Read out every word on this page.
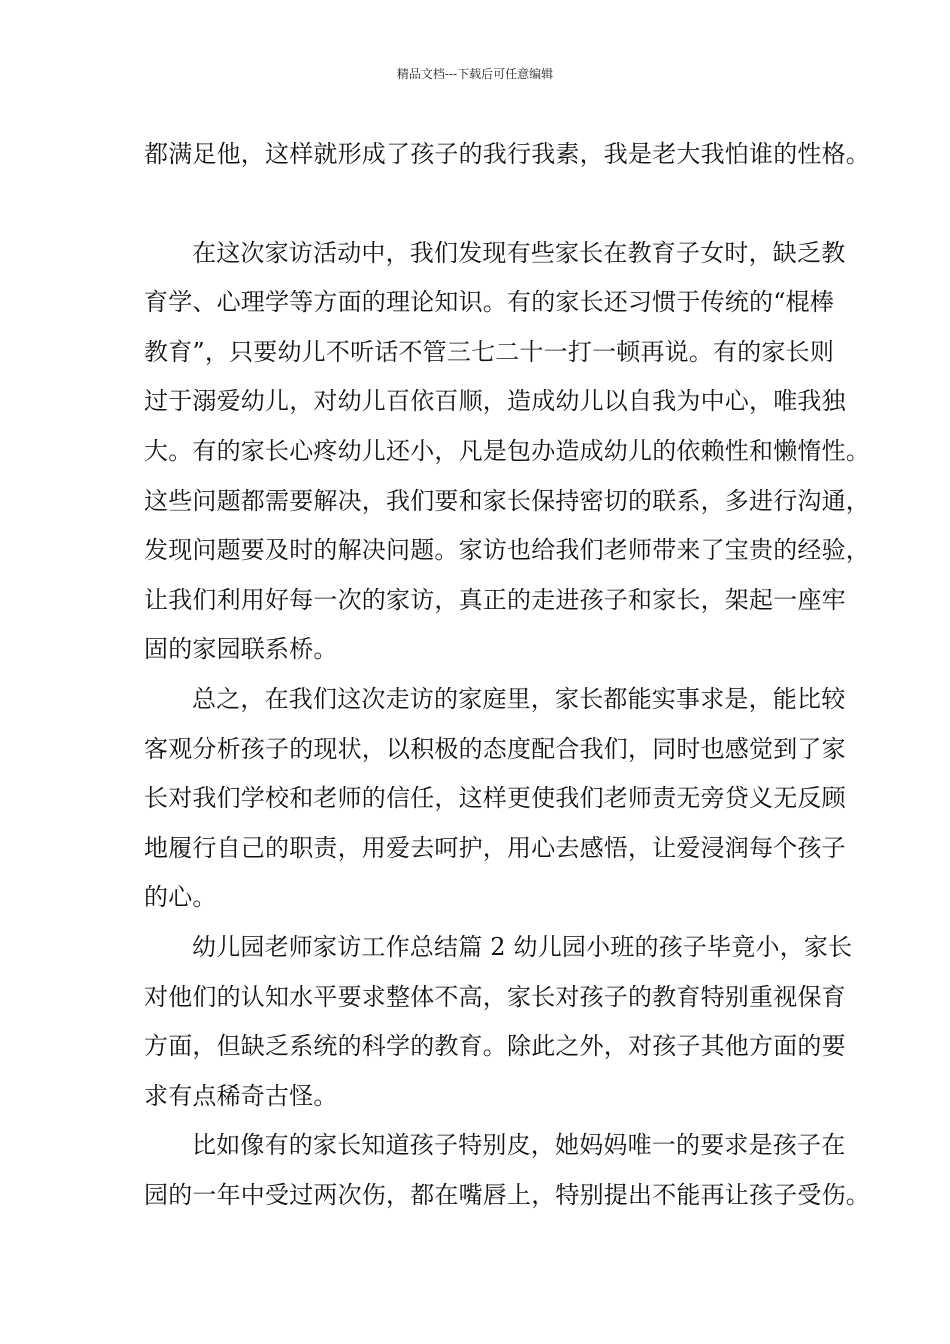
精品文档---下载后可任意编辑
都满足他，这样就形成了孩子的我行我素，我是老大我怕谁的性格。
在这次家访活动中，我们发现有些家长在教育子女时，缺乏教
育学、心理学等方面的理论知识。有的家长还习惯于传统的“棍棒
教育”，只要幼儿不听话不管三七二十一打一顿再说。有的家长则
过于溺爱幼儿，对幼儿百依百顺，造成幼儿以自我为中心，唯我独
大。有的家长心疼幼儿还小，凡是包办造成幼儿的依赖性和懒惰性。
这些问题都需要解决，我们要和家长保持密切的联系，多进行沟通，
发现问题要及时的解决问题。家访也给我们老师带来了宝贵的经验，
让我们利用好每一次的家访，真正的走进孩子和家长，架起一座牢
固的家园联系桥。
总之，在我们这次走访的家庭里，家长都能实事求是，能比较
客观分析孩子的现状，以积极的态度配合我们，同时也感觉到了家
长对我们学校和老师的信任，这样更使我们老师责无旁贷义无反顾
地履行自己的职责，用爱去呵护，用心去感悟，让爱浸润每个孩子
的心。
幼儿园老师家访工作总结篇 2 幼儿园小班的孩子毕竟小，家长
对他们的认知水平要求整体不高，家长对孩子的教育特别重视保育
方面，但缺乏系统的科学的教育。除此之外，对孩子其他方面的要
求有点稀奇古怪。
比如像有的家长知道孩子特别皮，她妈妈唯一的要求是孩子在
园的一年中受过两次伤，都在嘴唇上，特别提出不能再让孩子受伤。
